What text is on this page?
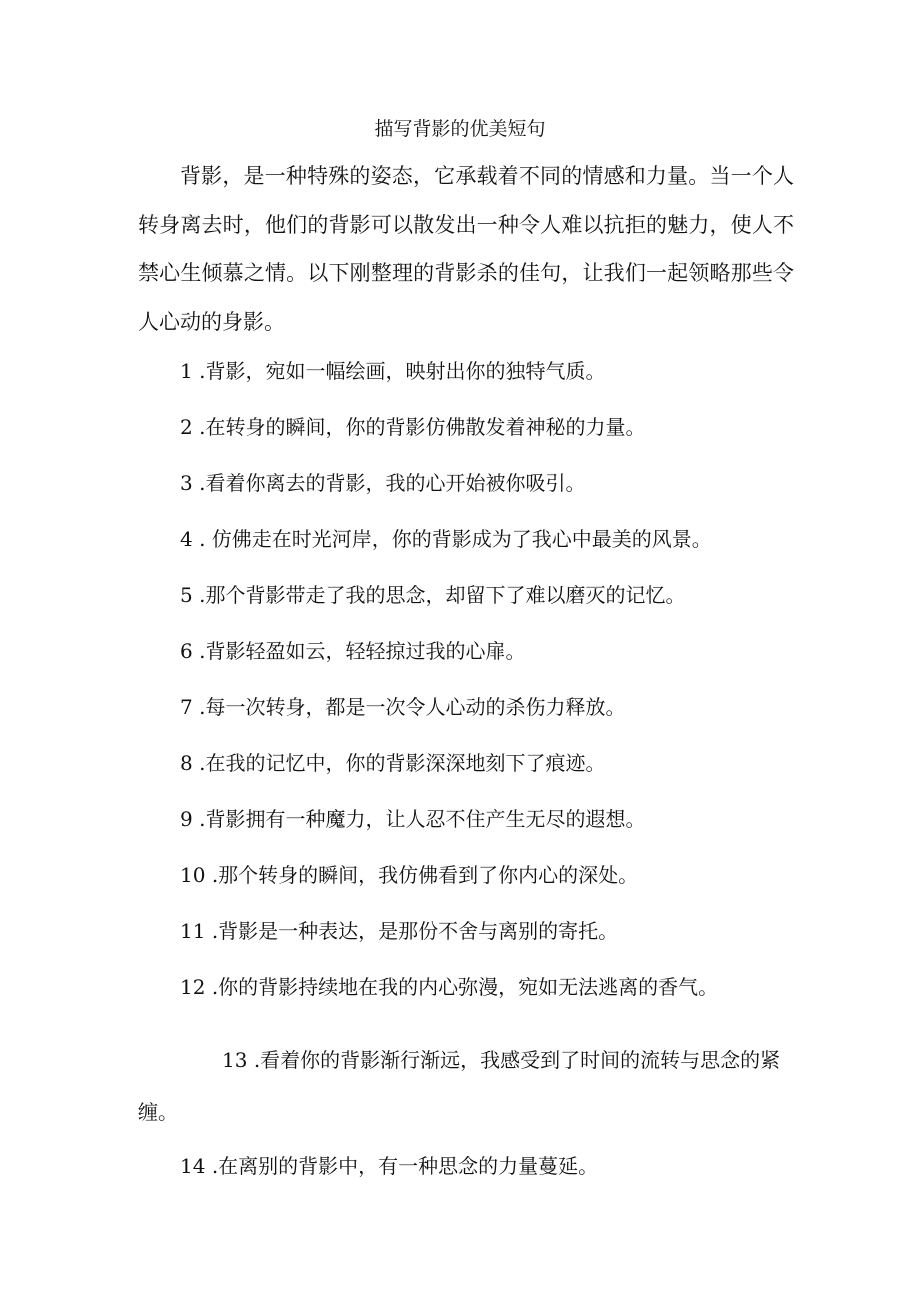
描写背影的优美短句

背影，是一种特殊的姿态，它承载着不同的情感和力量。当一个人转身离去时，他们的背影可以散发出一种令人难以抗拒的魅力，使人不禁心生倾慕之情。以下刚整理的背影杀的佳句，让我们一起领略那些令人心动的身影。

1 .背影，宛如一幅绘画，映射出你的独特气质。

2 .在转身的瞬间，你的背影仿佛散发着神秘的力量。

3 .看着你离去的背影，我的心开始被你吸引。

4 . 仿佛走在时光河岸，你的背影成为了我心中最美的风景。

5 .那个背影带走了我的思念，却留下了难以磨灭的记忆。

6 .背影轻盈如云，轻轻掠过我的心扉。

7 .每一次转身，都是一次令人心动的杀伤力释放。

8 .在我的记忆中，你的背影深深地刻下了痕迹。

9 .背影拥有一种魔力，让人忍不住产生无尽的遐想。

10 .那个转身的瞬间，我仿佛看到了你内心的深处。

11 .背影是一种表达，是那份不舍与离别的寄托。

12 .你的背影持续地在我的内心弥漫，宛如无法逃离的香气。

13 .看着你的背影渐行渐远，我感受到了时间的流转与思念的紧缠。

14 .在离别的背影中，有一种思念的力量蔓延。
